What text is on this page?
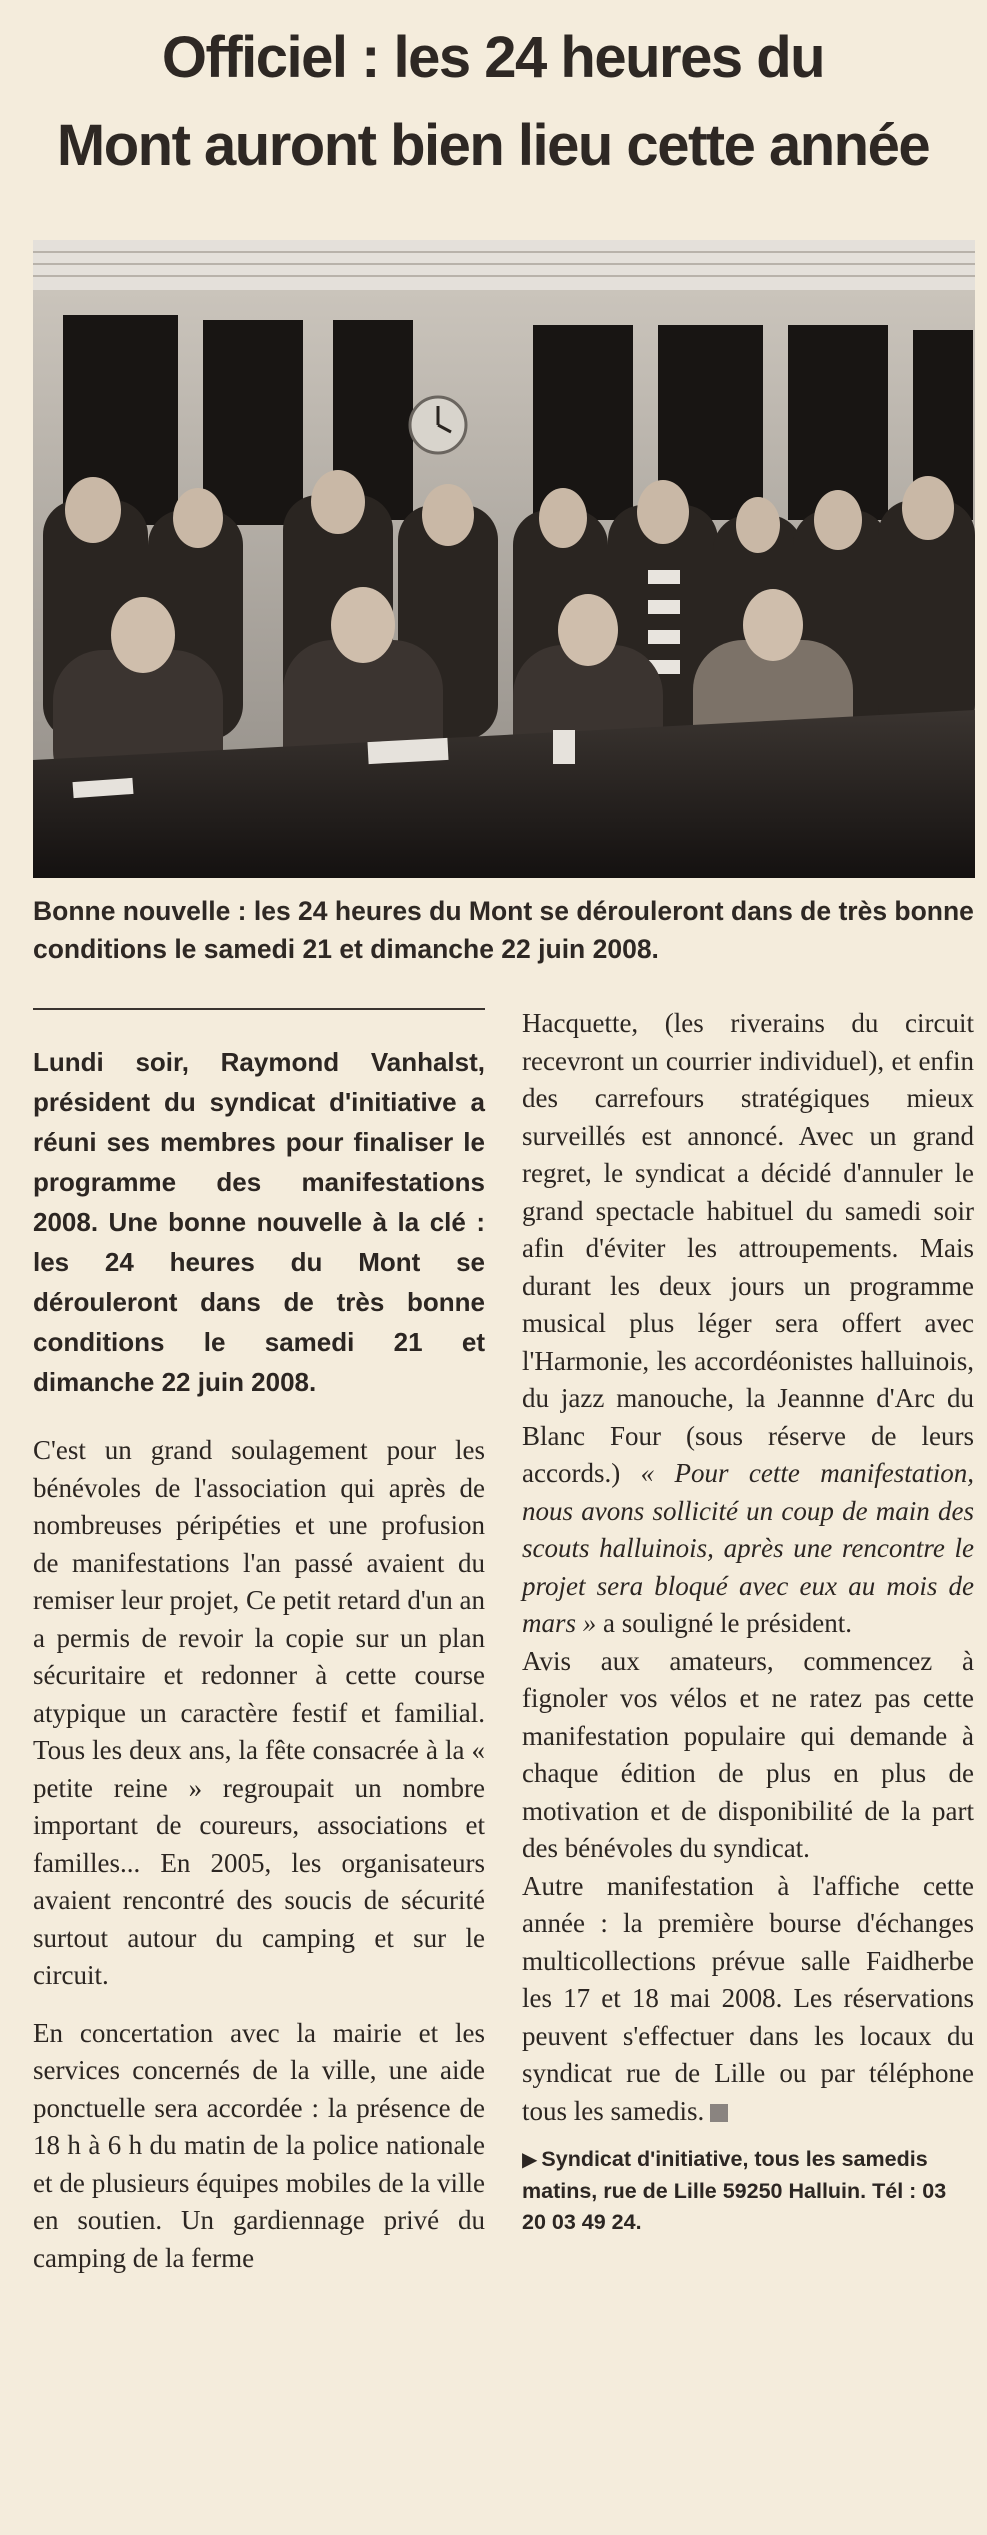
Officiel : les 24 heures du
Mont auront bien lieu cette année
Bonne nouvelle : les 24 heures du Mont se dérouleront dans de très bonne conditions le samedi 21 et dimanche 22 juin 2008.

Lundi soir, Raymond Vanhalst, président du syndicat d'initiative a réuni ses membres pour finaliser le programme des manifestations 2008. Une bonne nouvelle à la clé : les 24 heures du Mont se dérouleront dans de très bonne conditions le samedi 21 et dimanche 22 juin 2008.

C'est un grand soulagement pour les bénévoles de l'association qui après de nombreuses péripéties et une profusion de manifestations l'an passé avaient du remiser leur projet, Ce petit retard d'un an a permis de revoir la copie sur un plan sécuritaire et redonner à cette course atypique un caractère festif et familial. Tous les deux ans, la fête consacrée à la « petite reine » regroupait un nombre important de coureurs, associations et familles... En 2005, les organisateurs avaient rencontré des soucis de sécurité surtout autour du camping et sur le circuit.

En concertation avec la mairie et les services concernés de la ville, une aide ponctuelle sera accordée : la présence de 18 h à 6 h du matin de la police nationale et de plusieurs équipes mobiles de la ville en soutien. Un gardiennage privé du camping de la ferme

Hacquette, (les riverains du circuit recevront un courrier individuel), et enfin des carrefours stratégiques mieux surveillés est annoncé. Avec un grand regret, le syndicat a décidé d'annuler le grand spectacle habituel du samedi soir afin d'éviter les attroupements. Mais durant les deux jours un programme musical plus léger sera offert avec l'Harmonie, les accordéonistes halluinois, du jazz manouche, la Jeannne d'Arc du Blanc Four (sous réserve de leurs accords.) « Pour cette manifestation, nous avons sollicité un coup de main des scouts halluinois, après une rencontre le projet sera bloqué avec eux au mois de mars » a souligné le président.

Avis aux amateurs, commencez à fignoler vos vélos et ne ratez pas cette manifestation populaire qui demande à chaque édition de plus en plus de motivation et de disponibilité de la part des bénévoles du syndicat.

Autre manifestation à l'affiche cette année : la première bourse d'échanges multicollections prévue salle Faidherbe les 17 et 18 mai 2008. Les réservations peuvent s'effectuer dans les locaux du syndicat rue de Lille ou par téléphone tous les samedis.

▶ Syndicat d'initiative, tous les samedis matins, rue de Lille 59250 Halluin. Tél : 03 20 03 49 24.
